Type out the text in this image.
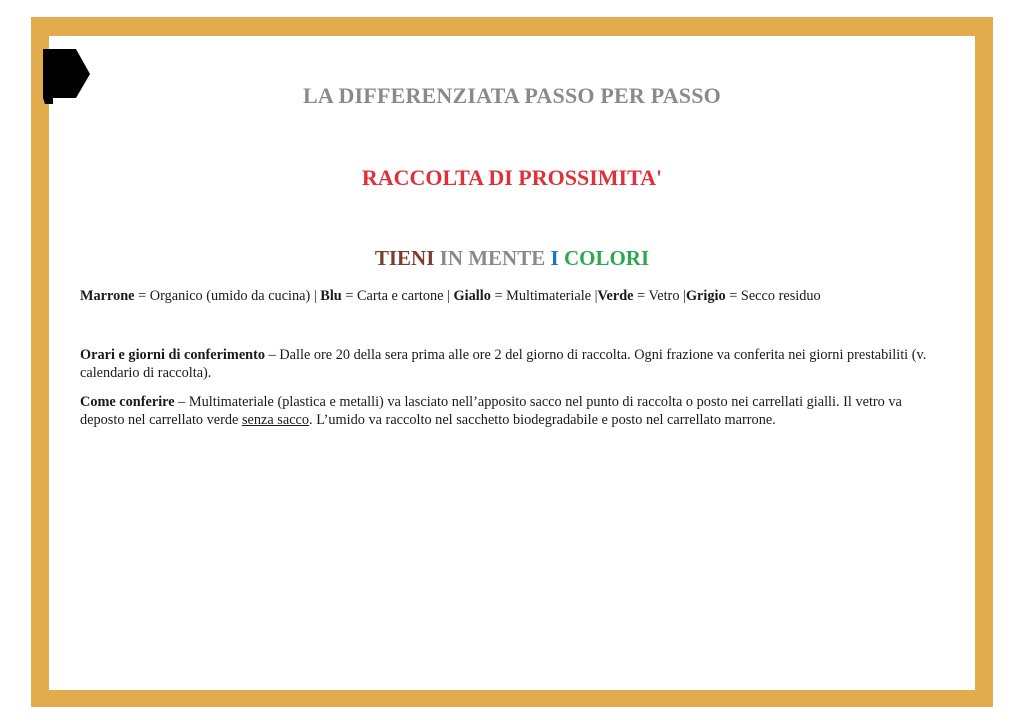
LA DIFFERENZIATA PASSO PER PASSO
RACCOLTA DI PROSSIMITA'
TIENI IN MENTE I COLORI
Marrone = Organico (umido da cucina) | Blu = Carta e cartone | Giallo = Multimateriale |Verde = Vetro |Grigio = Secco residuo
Orari e giorni di conferimento – Dalle ore 20 della sera prima alle ore 2 del giorno di raccolta. Ogni frazione va conferita nei giorni prestabiliti (v. calendario di raccolta).
Come conferire – Multimateriale (plastica e metalli) va lasciato nell’apposito sacco nel punto di raccolta o posto nei carrellati gialli. Il vetro va deposto nel carrellato verde senza sacco. L’umido va raccolto nel sacchetto biodegradabile e posto nel carrellato marrone.
